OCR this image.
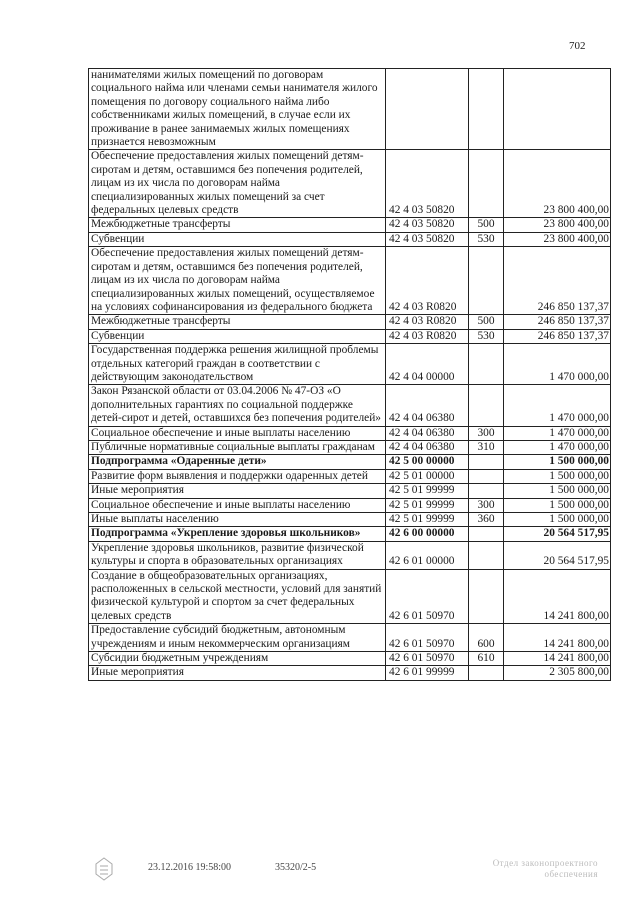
702
нанимателями жилых помещений по договорам социального найма или членами семьи нанимателя жилого помещения по договору социального найма либо собственниками жилых помещений, в случае если их проживание в ранее занимаемых жилых помещениях признается невозможным			
Обеспечение предоставления жилых помещений детям-сиротам и детям, оставшимся без попечения родителей, лицам из их числа по договорам найма специализированных жилых помещений за счет федеральных целевых средств	42 4 03 50820		23 800 400,00
Межбюджетные трансферты	42 4 03 50820	500	23 800 400,00
Субвенции	42 4 03 50820	530	23 800 400,00
Обеспечение предоставления жилых помещений детям-сиротам и детям, оставшимся без попечения родителей, лицам из их числа по договорам найма специализированных жилых помещений, осуществляемое на условиях софинансирования из федерального бюджета	42 4 03 R0820		246 850 137,37
Межбюджетные трансферты	42 4 03 R0820	500	246 850 137,37
Субвенции	42 4 03 R0820	530	246 850 137,37
Государственная поддержка решения жилищной проблемы отдельных категорий граждан в соответствии с действующим законодательством	42 4 04 00000		1 470 000,00
Закон Рязанской области от 03.04.2006 № 47-ОЗ «О дополнительных гарантиях по социальной поддержке детей-сирот и детей, оставшихся без попечения родителей»	42 4 04 06380		1 470 000,00
Социальное обеспечение и иные выплаты населению	42 4 04 06380	300	1 470 000,00
Публичные нормативные социальные выплаты гражданам	42 4 04 06380	310	1 470 000,00
Подпрограмма «Одаренные дети»	42 5 00 00000		1 500 000,00
Развитие форм выявления и поддержки одаренных детей	42 5 01 00000		1 500 000,00
Иные мероприятия	42 5 01 99999		1 500 000,00
Социальное обеспечение и иные выплаты населению	42 5 01 99999	300	1 500 000,00
Иные выплаты населению	42 5 01 99999	360	1 500 000,00
Подпрограмма «Укрепление здоровья школьников»	42 6 00 00000		20 564 517,95
Укрепление здоровья школьников, развитие физической культуры и спорта в образовательных организациях	42 6 01 00000		20 564 517,95
Создание в общеобразовательных организациях, расположенных в сельской местности, условий для занятий физической культурой и спортом за счет федеральных целевых средств	42 6 01 50970		14 241 800,00
Предоставление субсидий бюджетным, автономным учреждениям и иным некоммерческим организациям	42 6 01 50970	600	14 241 800,00
Субсидии бюджетным учреждениям	42 6 01 50970	610	14 241 800,00
Иные мероприятия	42 6 01 99999		2 305 800,00
23.12.2016 19:58:00	35320/2-5	Отдел законопроектного обеспечения
